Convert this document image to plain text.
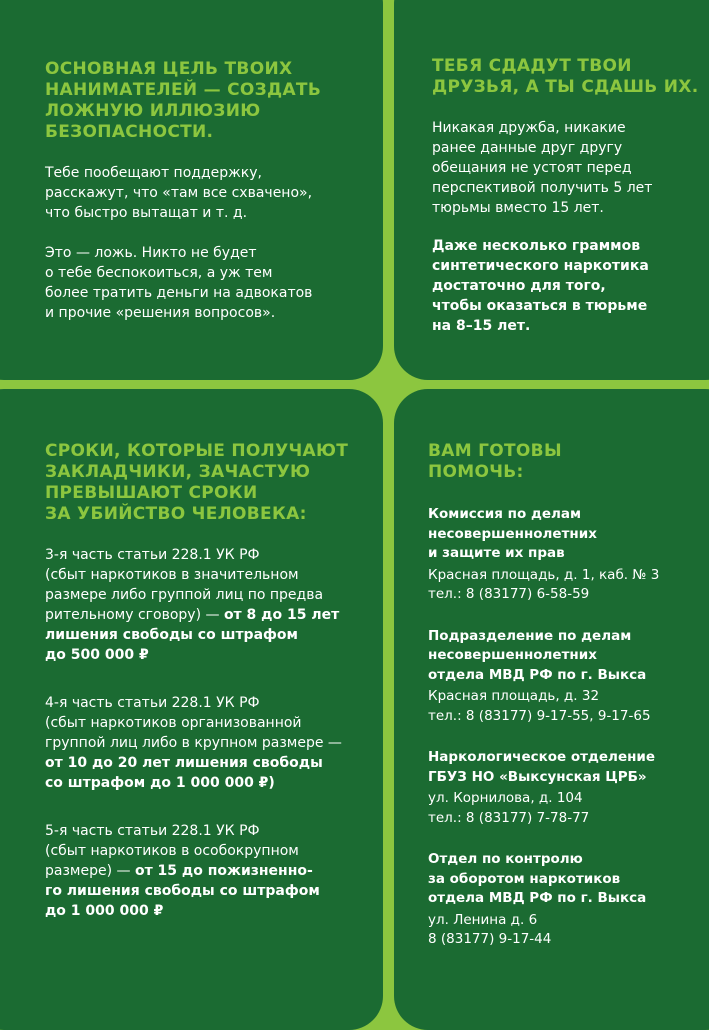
ОСНОВНАЯ ЦЕЛЬ ТВОИХ
НАНИМАТЕЛЕЙ — СОЗДАТЬ
ЛОЖНУЮ ИЛЛЮЗИЮ
БЕЗОПАСНОСТИ.

Тебе пообещают поддержку,
расскажут, что «там все схвачено»,
что быстро вытащат и т. д.

Это — ложь. Никто не будет
о тебе беспокоиться, а уж тем
более тратить деньги на адвокатов
и прочие «решения вопросов».

ТЕБЯ СДАДУТ ТВОИ
ДРУЗЬЯ, А ТЫ СДАШЬ ИХ.

Никакая дружба, никакие
ранее данные друг другу
обещания не устоят перед
перспективой получить 5 лет
тюрьмы вместо 15 лет.

Даже несколько граммов
синтетического наркотика
достаточно для того,
чтобы оказаться в тюрьме
на 8–15 лет.

СРОКИ, КОТОРЫЕ ПОЛУЧАЮТ
ЗАКЛАДЧИКИ, ЗАЧАСТУЮ
ПРЕВЫШАЮТ СРОКИ
ЗА УБИЙСТВО ЧЕЛОВЕКА:

3-я часть статьи 228.1 УК РФ
(сбыт наркотиков в значительном
размере либо группой лиц по предва
рительному сговору) — от 8 до 15 лет
лишения свободы со штрафом
до 500 000 ₽

4-я часть статьи 228.1 УК РФ
(сбыт наркотиков организованной
группой лиц либо в крупном размере —
от 10 до 20 лет лишения свободы
со штрафом до 1 000 000 ₽)

5-я часть статьи 228.1 УК РФ
(сбыт наркотиков в особокрупном
размере) — от 15 до пожизненно-
го лишения свободы со штрафом
до 1 000 000 ₽

ВАМ ГОТОВЫ
ПОМОЧЬ:
Комиссия по делам
несовершеннолетних
и защите их прав
Красная площадь, д. 1, каб. № 3
тел.: 8 (83177) 6-58-59
Подразделение по делам
несовершеннолетних
отдела МВД РФ по г. Выкса
Красная площадь, д. 32
тел.: 8 (83177) 9-17-55, 9-17-65
Наркологическое отделение
ГБУЗ НО «Выксунская ЦРБ»
ул. Корнилова, д. 104
тел.: 8 (83177) 7-78-77
Отдел по контролю
за оборотом наркотиков
отдела МВД РФ по г. Выкса
ул. Ленина д. 6
8 (83177) 9-17-44
